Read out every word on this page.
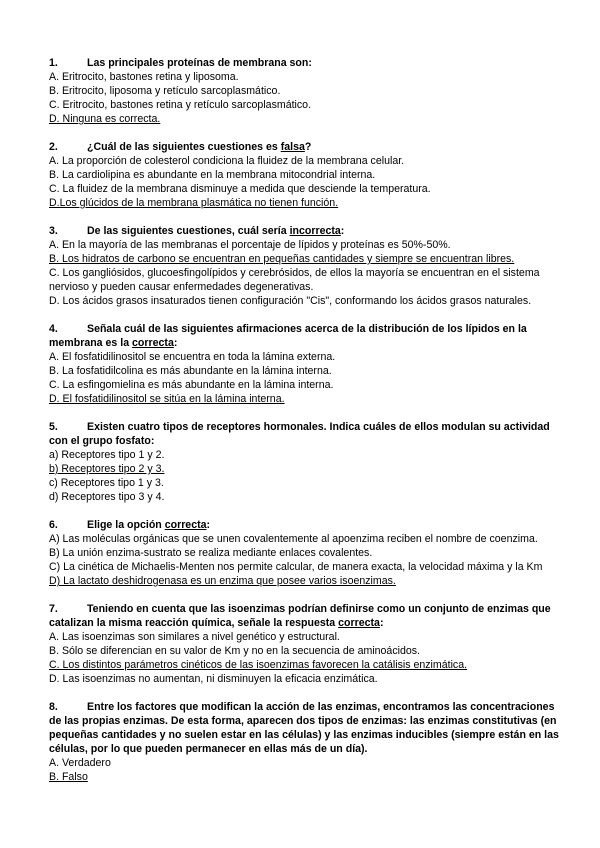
1.	Las principales proteínas de membrana son:
A. Eritrocito, bastones retina y liposoma.
B. Eritrocito, liposoma y retículo sarcoplasmático.
C. Eritrocito, bastones retina y retículo sarcoplasmático.
D. Ninguna es correcta.
2.	¿Cuál de las siguientes cuestiones es falsa?
A. La proporción de colesterol condiciona la fluidez de la membrana celular.
B. La cardiolipina es abundante en la membrana mitocondrial interna.
C. La fluidez de la membrana disminuye a medida que desciende la temperatura.
D.Los glúcidos de la membrana plasmática no tienen función.
3.	De las siguientes cuestiones, cuál sería incorrecta:
A. En la mayoría de las membranas el porcentaje de lípidos y proteínas es 50%-50%.
B. Los hidratos de carbono se encuentran en pequeñas cantidades y siempre se encuentran libres.
C. Los gangliósidos, glucoesfingolípidos y cerebrósidos, de ellos la mayoría se encuentran en el sistema nervioso y pueden causar enfermedades degenerativas.
D. Los ácidos grasos insaturados tienen configuración "Cis", conformando los ácidos grasos naturales.
4.	Señala cuál de las siguientes afirmaciones acerca de la distribución de los lípidos en la membrana es la correcta:
A. El fosfatidilinositol se encuentra en toda la lámina externa.
B. La fosfatidilcolina es más abundante en la lámina interna.
C. La esfingomielina es más abundante en la lámina interna.
D. El fosfatidilinositol se sitúa en la lámina interna.
5.	Existen cuatro tipos de receptores hormonales. Indica cuáles de ellos modulan su actividad con el grupo fosfato:
a) Receptores tipo 1 y 2.
b) Receptores tipo 2 y 3.
c) Receptores tipo 1 y 3.
d) Receptores tipo 3 y 4.
6.	Elige la opción correcta:
A) Las moléculas orgánicas que se unen covalentemente al apoenzima reciben el nombre de coenzima.
B) La unión enzima-sustrato se realiza mediante enlaces covalentes.
C) La cinética de Michaelis-Menten nos permite calcular, de manera exacta, la velocidad máxima y la Km
D) La lactato deshidrogenasa es un enzima que posee varios isoenzimas.
7.	Teniendo en cuenta que las isoenzimas podrían definirse como un conjunto de enzimas que catalizan la misma reacción química, señale la respuesta correcta:
A. Las isoenzimas son similares a nivel genético y estructural.
B. Sólo se diferencian en su valor de Km y no en la secuencia de aminoácidos.
C. Los distintos parámetros cinéticos de las isoenzimas favorecen la catálisis enzimática.
D. Las isoenzimas no aumentan, ni disminuyen la eficacia enzimática.
8.	Entre los factores que modifican la acción de las enzimas, encontramos las concentraciones de las propias enzimas. De esta forma, aparecen dos tipos de enzimas: las enzimas constitutivas (en pequeñas cantidades y no suelen estar en las células) y las enzimas inducibles (siempre están en las células, por lo que pueden permanecer en ellas más de un día).
A. Verdadero
B. Falso
